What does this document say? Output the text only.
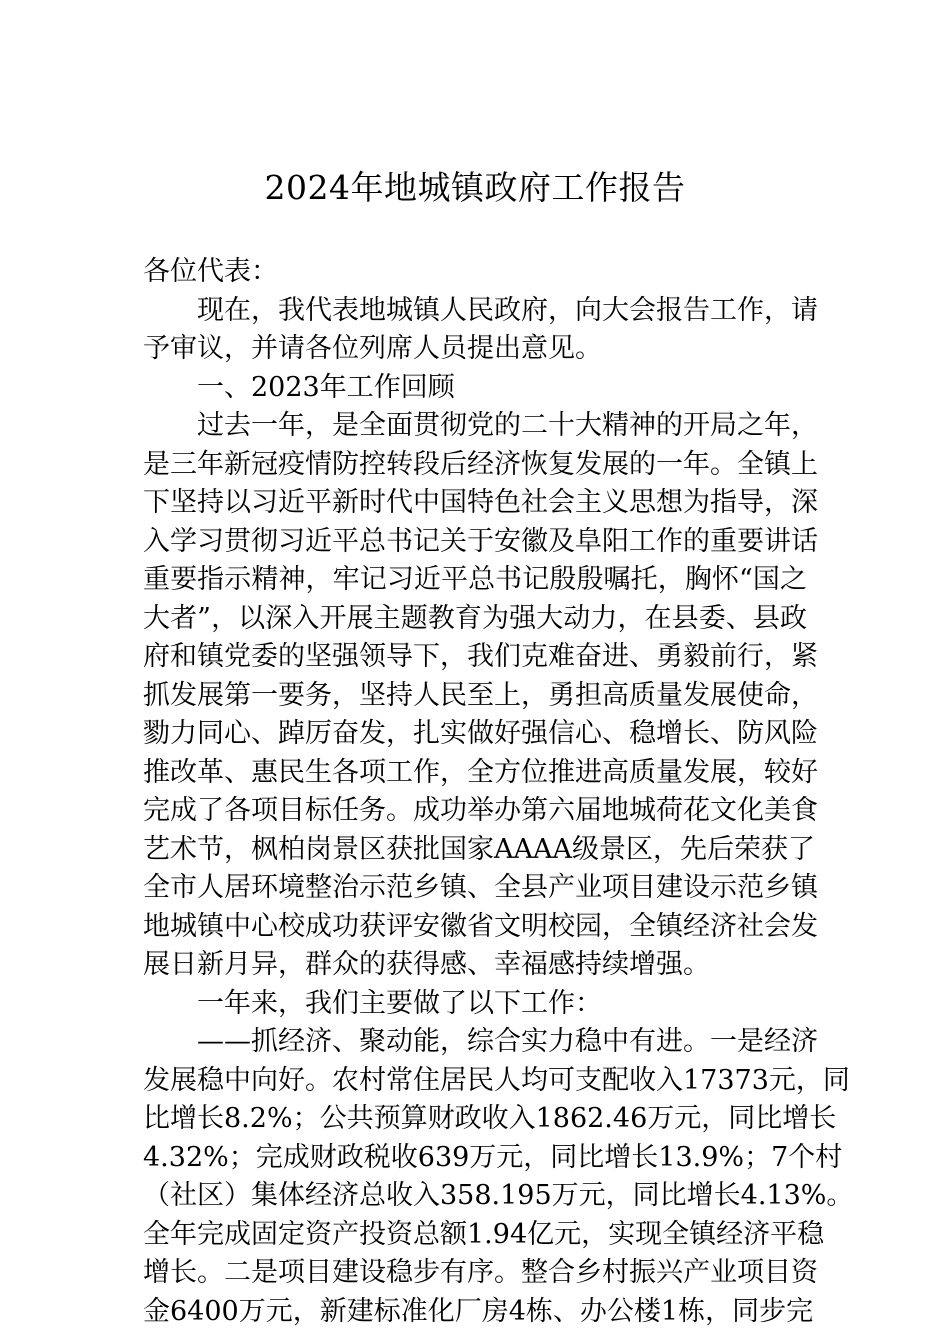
2024年地城镇政府工作报告
各位代表：
现在，我代表地城镇人民政府，向大会报告工作，请
予审议，并请各位列席人员提出意见。
一、2023年工作回顾
过去一年，是全面贯彻党的二十大精神的开局之年，
是三年新冠疫情防控转段后经济恢复发展的一年。全镇上
下坚持以习近平新时代中国特色社会主义思想为指导，深
入学习贯彻习近平总书记关于安徽及阜阳工作的重要讲话
重要指示精神，牢记习近平总书记殷殷嘱托，胸怀“国之
大者”，以深入开展主题教育为强大动力，在县委、县政
府和镇党委的坚强领导下，我们克难奋进、勇毅前行，紧
抓发展第一要务，坚持人民至上，勇担高质量发展使命，
勠力同心、踔厉奋发，扎实做好强信心、稳增长、防风险
推改革、惠民生各项工作，全方位推进高质量发展，较好
完成了各项目标任务。成功举办第六届地城荷花文化美食
艺术节，枫柏岗景区获批国家AAAA级景区，先后荣获了
全市人居环境整治示范乡镇、全县产业项目建设示范乡镇
地城镇中心校成功获评安徽省文明校园，全镇经济社会发
展日新月异，群众的获得感、幸福感持续增强。
一年来，我们主要做了以下工作：
——抓经济、聚动能，综合实力稳中有进。一是经济
发展稳中向好。农村常住居民人均可支配收入17373元，同
比增长8.2%；公共预算财政收入1862.46万元，同比增长
4.32%；完成财政税收639万元，同比增长13.9%；7个村
（社区）集体经济总收入358.195万元，同比增长4.13%。
全年完成固定资产投资总额1.94亿元，实现全镇经济平稳
增长。二是项目建设稳步有序。整合乡村振兴产业项目资
金6400万元，新建标准化厂房4栋、办公楼1栋，同步完
